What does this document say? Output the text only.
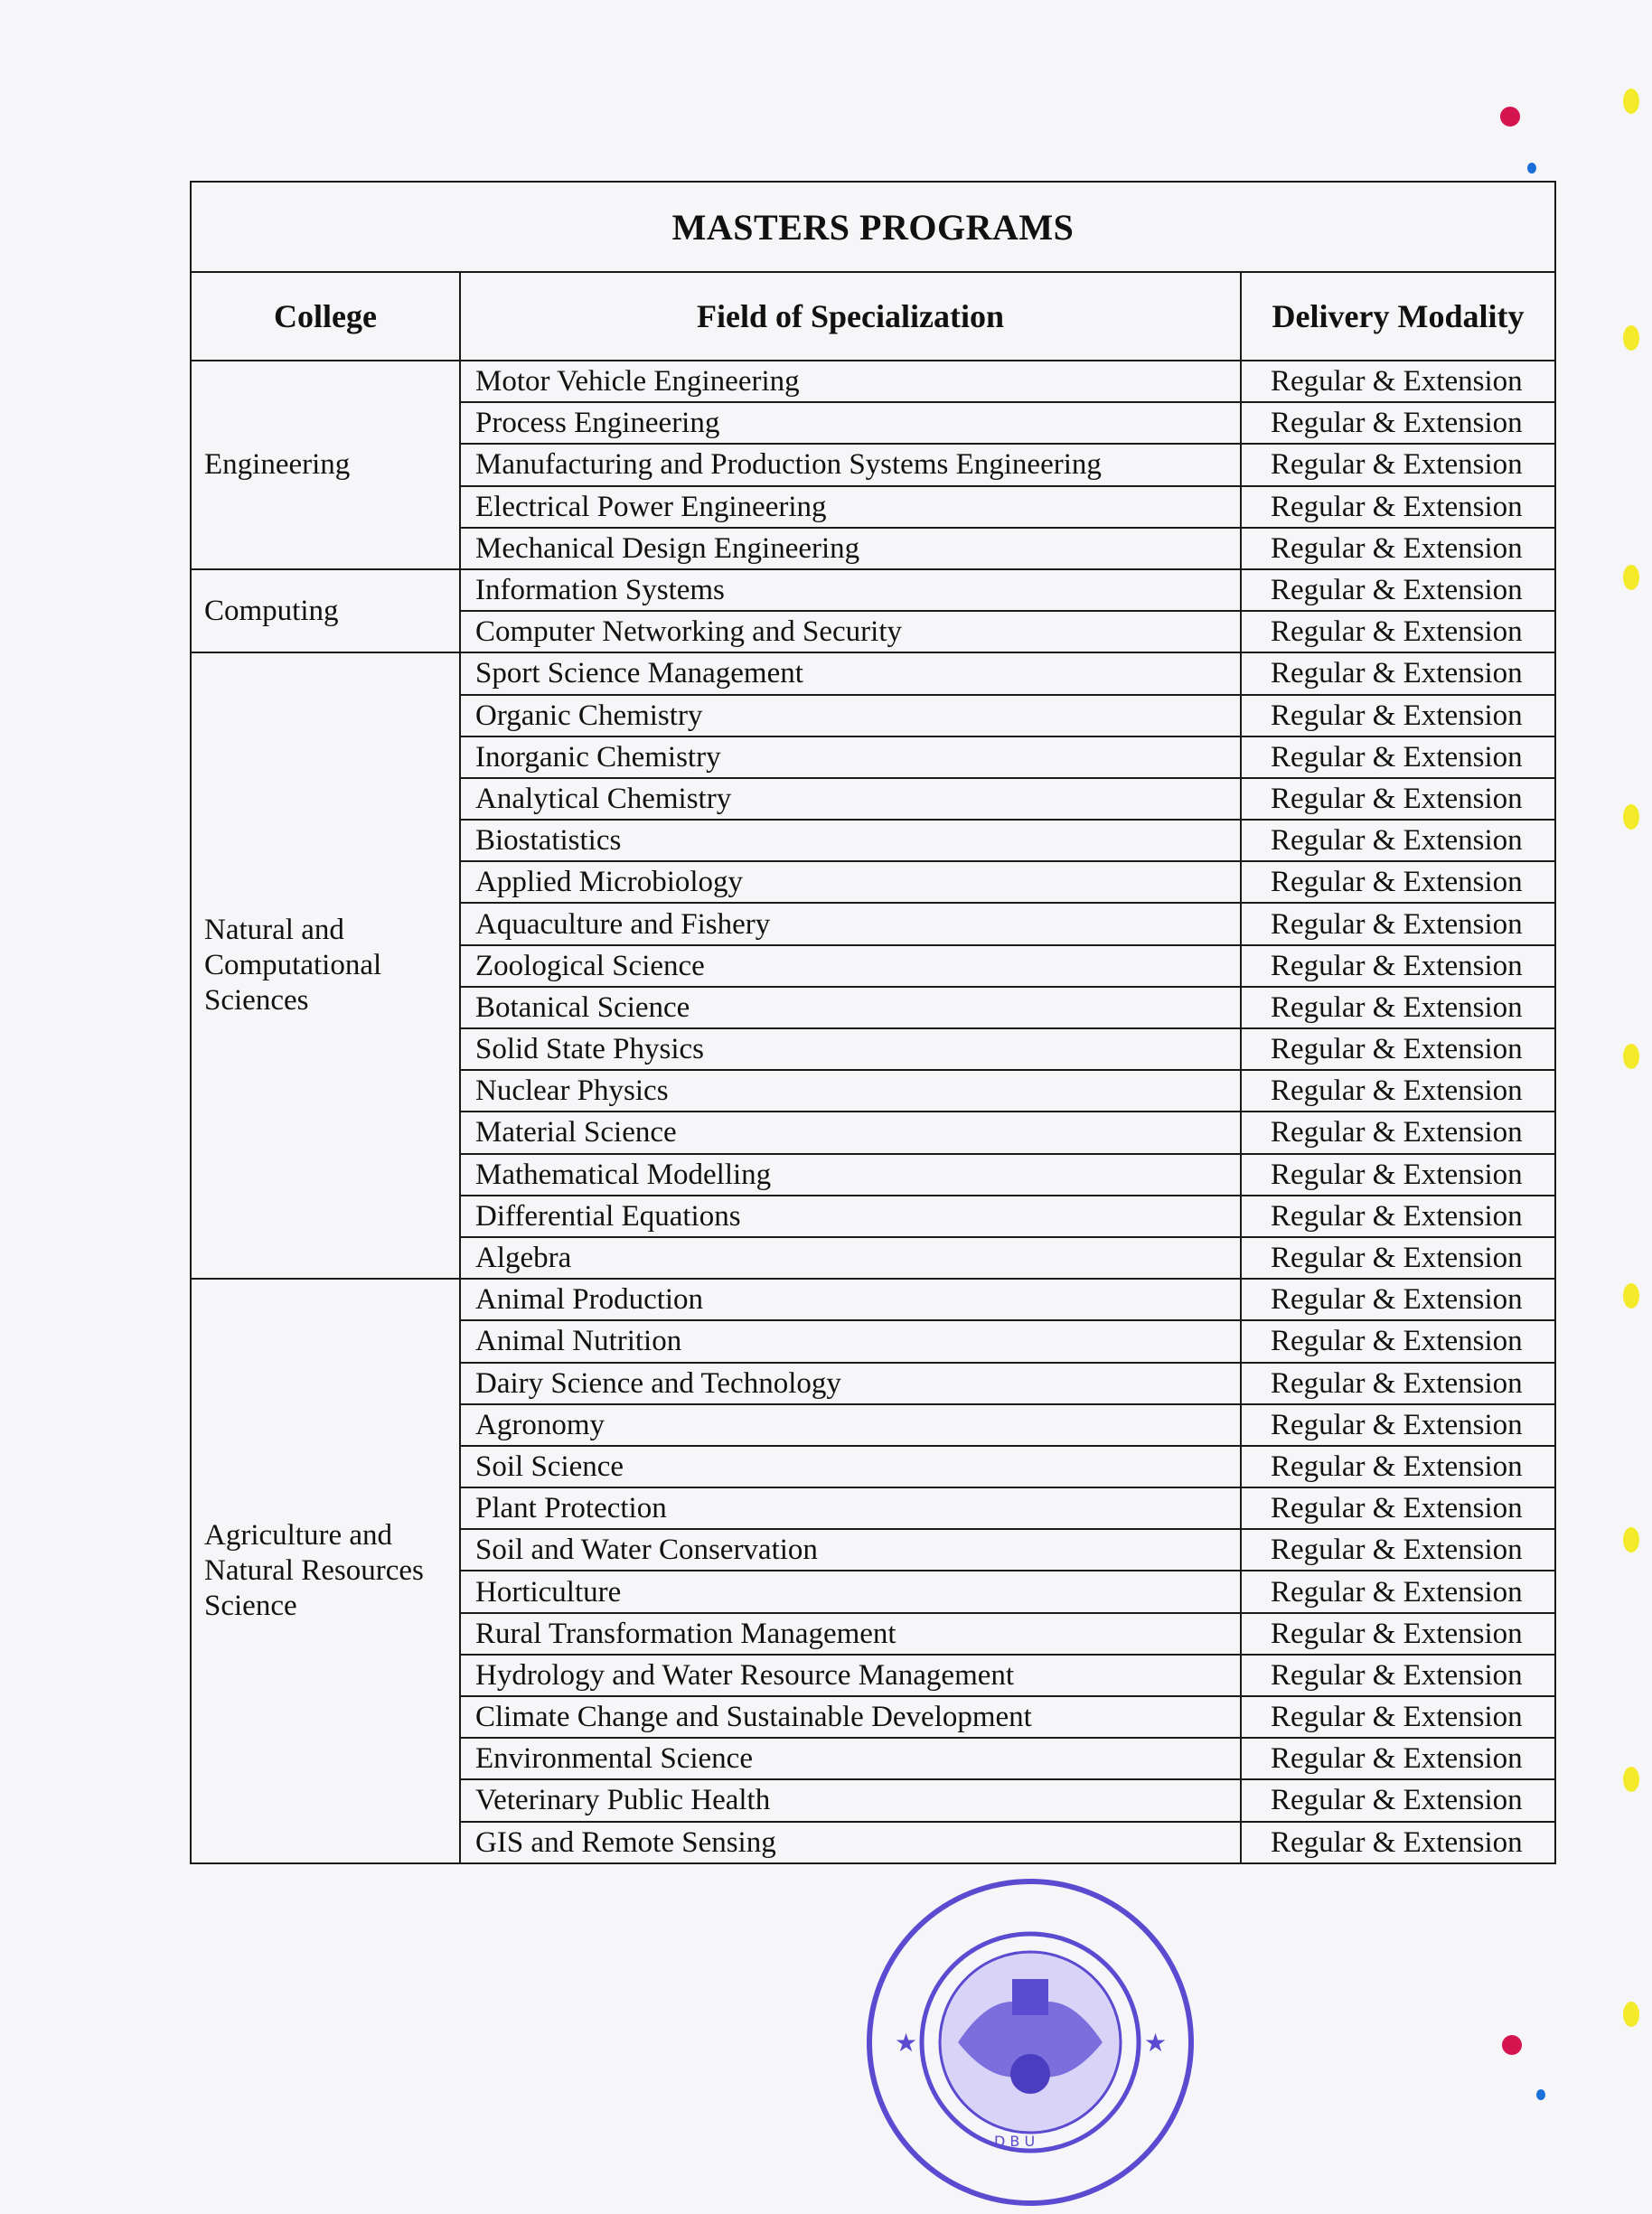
MASTERS PROGRAMS		
College	Field of Specialization	Delivery Modality
Engineering	Motor Vehicle Engineering	Regular & Extension
	Process Engineering	Regular & Extension
	Manufacturing and Production Systems Engineering	Regular & Extension
	Electrical Power Engineering	Regular & Extension
	Mechanical Design Engineering	Regular & Extension
Computing	Information Systems	Regular & Extension
	Computer Networking and Security	Regular & Extension
Natural and Computational Sciences	Sport Science Management	Regular & Extension
	Organic Chemistry	Regular & Extension
	Inorganic Chemistry	Regular & Extension
	Analytical Chemistry	Regular & Extension
	Biostatistics	Regular & Extension
	Applied Microbiology	Regular & Extension
	Aquaculture and Fishery	Regular & Extension
	Zoological Science	Regular & Extension
	Botanical Science	Regular & Extension
	Solid State Physics	Regular & Extension
	Nuclear Physics	Regular & Extension
	Material Science	Regular & Extension
	Mathematical Modelling	Regular & Extension
	Differential Equations	Regular & Extension
	Algebra	Regular & Extension
Agriculture and Natural Resources Science	Animal Production	Regular & Extension
	Animal Nutrition	Regular & Extension
	Dairy Science and Technology	Regular & Extension
	Agronomy	Regular & Extension
	Soil Science	Regular & Extension
	Plant Protection	Regular & Extension
	Soil and Water Conservation	Regular & Extension
	Horticulture	Regular & Extension
	Rural Transformation Management	Regular & Extension
	Hydrology and Water Resource Management	Regular & Extension
	Climate Change and Sustainable Development	Regular & Extension
	Environmental Science	Regular & Extension
	Veterinary Public Health	Regular & Extension
	GIS and Remote Sensing	Regular & Extension
D B U
★	★
